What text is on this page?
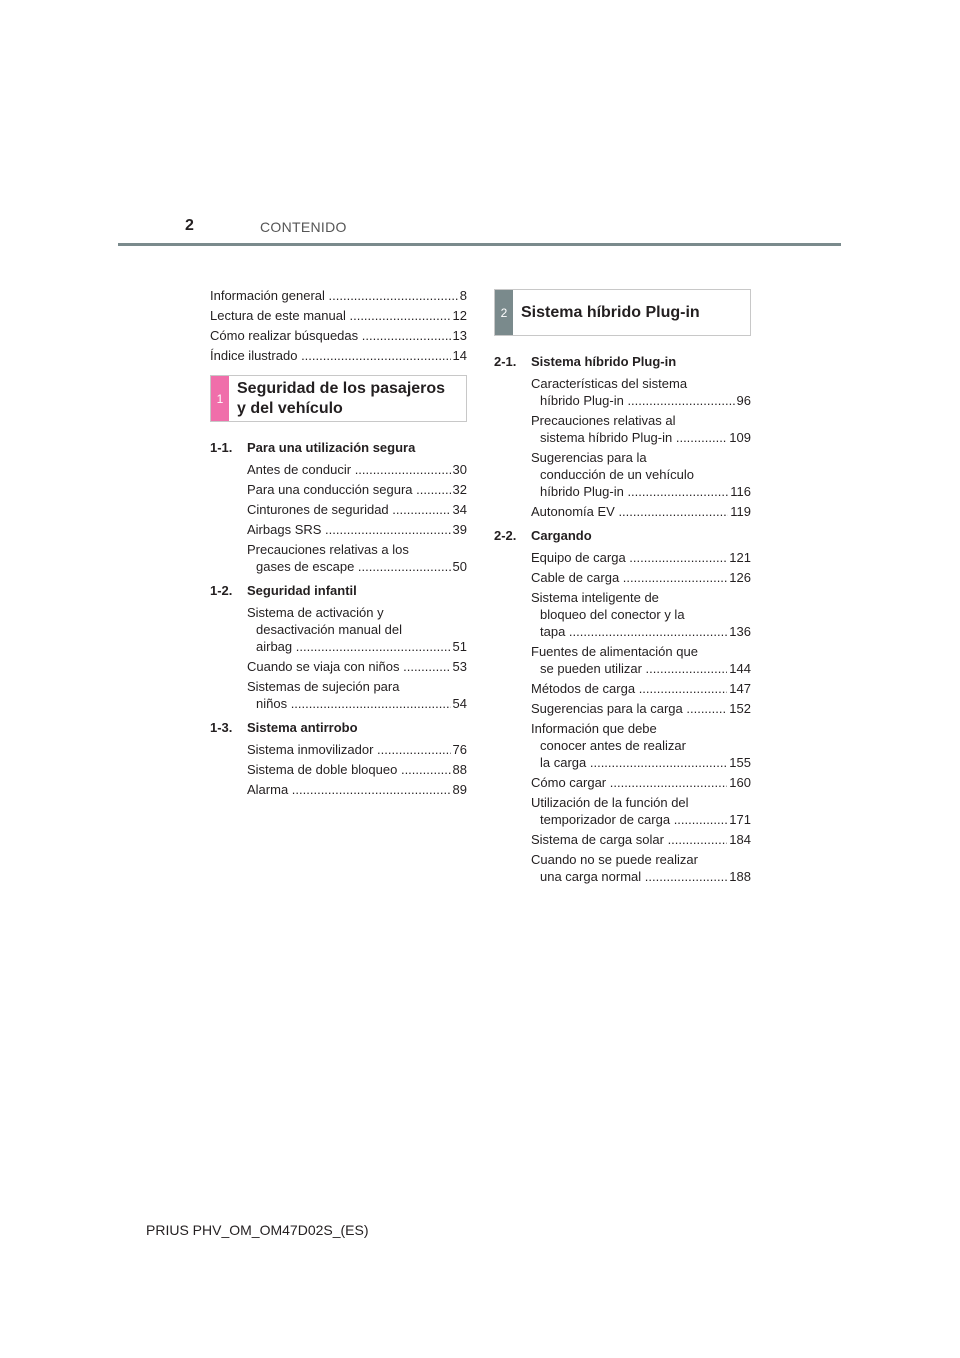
2	CONTENIDO
Información general .....	8
Lectura de este manual .....	12
Cómo realizar búsquedas .....	13
Índice ilustrado .....	14
1
Seguridad de los pasajeros
y del vehículo
1-1. Para una utilización segura
Antes de conducir .....	30
Para una conducción segura .....	32
Cinturones de seguridad .....	34
Airbags SRS .....	39
Precauciones relativas a los
gases de escape .....	50
1-2. Seguridad infantil
Sistema de activación y
desactivación manual del
airbag .....	51
Cuando se viaja con niños .....	53
Sistemas de sujeción para
niños .....	54
1-3. Sistema antirrobo
Sistema inmovilizador .....	76
Sistema de doble bloqueo .....	88
Alarma .....	89
2 Sistema híbrido Plug-in
2-1. Sistema híbrido Plug-in
Características del sistema
híbrido Plug-in .....	96
Precauciones relativas al
sistema híbrido Plug-in .....	109
Sugerencias para la
conducción de un vehículo
híbrido Plug-in .....	116
Autonomía EV .....	119
2-2. Cargando
Equipo de carga .....	121
Cable de carga .....	126
Sistema inteligente de
bloqueo del conector y la
tapa .....	136
Fuentes de alimentación que
se pueden utilizar .....	144
Métodos de carga .....	147
Sugerencias para la carga .....	152
Información que debe
conocer antes de realizar
la carga .....	155
Cómo cargar .....	160
Utilización de la función del
temporizador de carga .....	171
Sistema de carga solar .....	184
Cuando no se puede realizar
una carga normal .....	188
PRIUS PHV_OM_OM47D02S_(ES)
